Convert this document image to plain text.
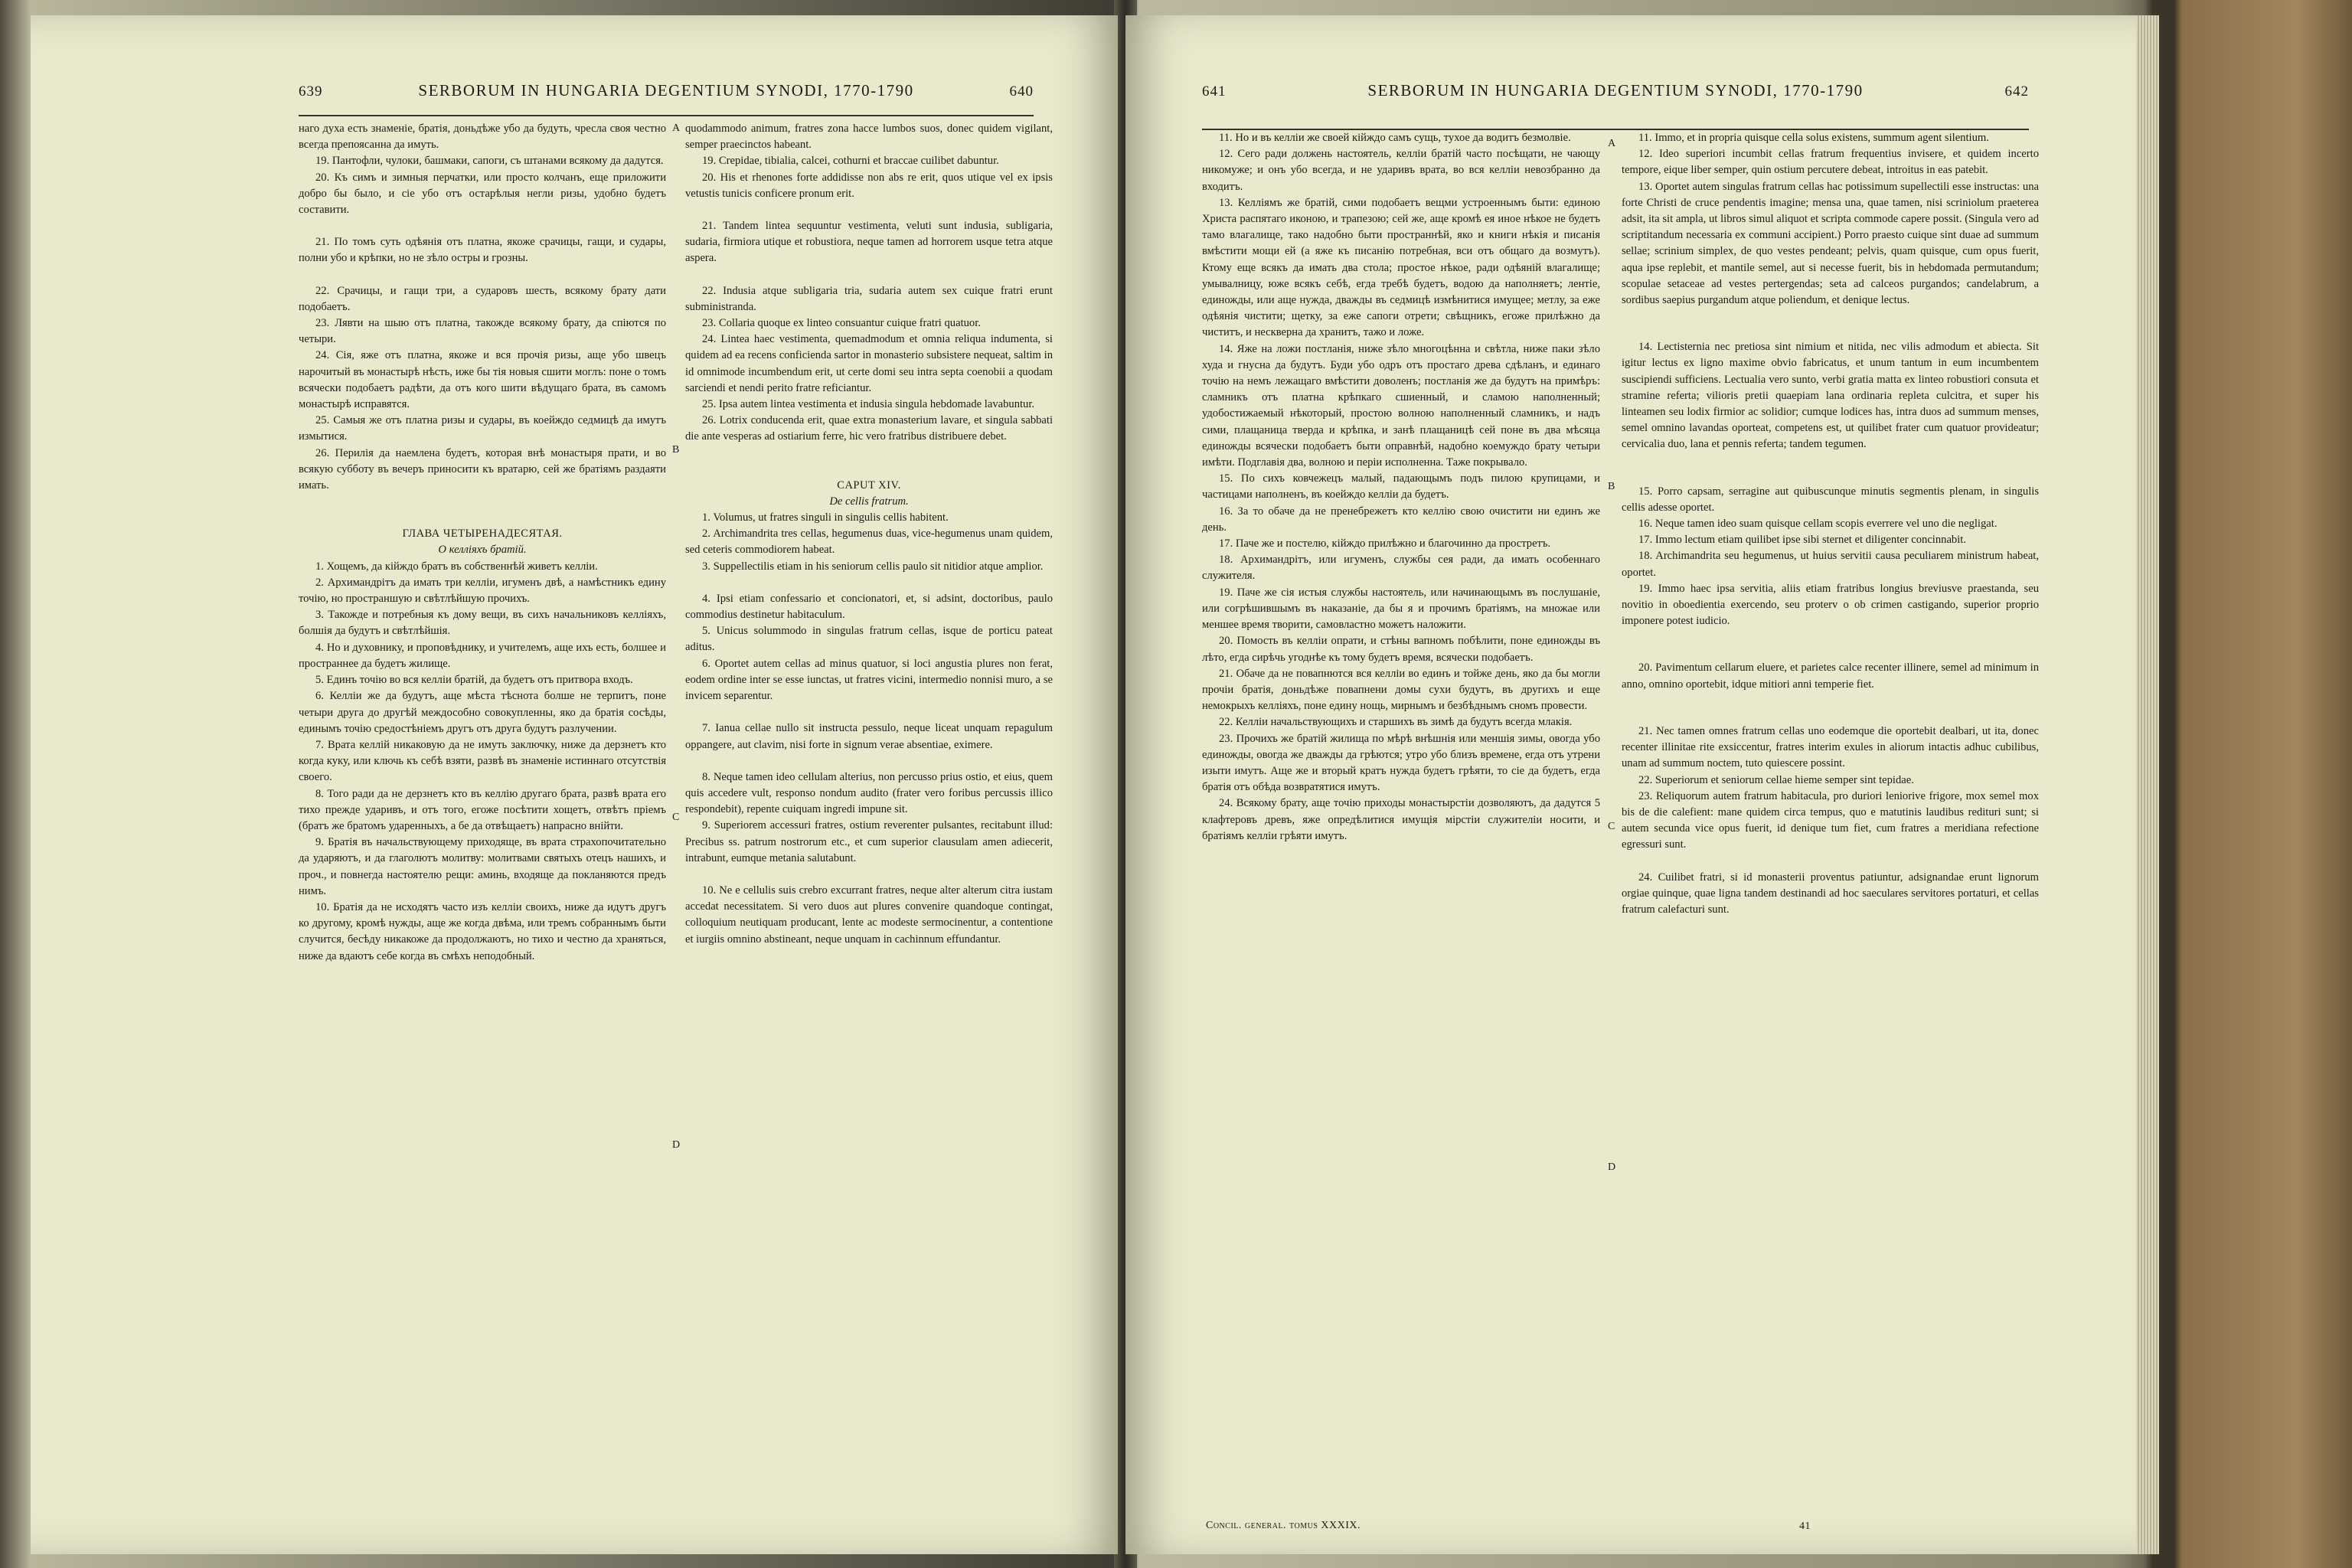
639	SERBORUM IN HUNGARIA DEGENTIUM SYNODI, 1770-1790	640

наго духа есть знаменіе, братія, доньдѣже убо да будуть, чресла своя честно всегда препоясанна да имуть.

19. Пантофли, чулоки, башмаки, сапоги, съ штанами всякому да дадутся.

20. Къ симъ и зимныя перчатки, или просто колчанъ, еще приложити добро бы было, и сіе убо отъ остарѣлыя негли ризы, удобно будетъ составити.

21. По томъ суть одѣянія отъ платна, якоже срачицы, гащи, и судары, полни убо и крѣпки, но не зѣло остры и грозны.

22. Срачицы, и гащи три, а сударовъ шесть, всякому брату дати подобаетъ.

23. Лявти на шыю отъ платна, такожде всякому брату, да спіются по четыри.

24. Сія, яже отъ платна, якоже и вся прочія ризы, аще убо швецъ нарочитый въ монастырѣ нѣсть, иже бы тія новыя сшити моглъ: поне о томъ всячески подобаетъ радѣти, да отъ кого шити вѣдущаго брата, въ самомъ монастырѣ исправятся.

25. Самыя же отъ платна ризы и судары, въ коейждо седмицѣ да имутъ измытися.

26. Перилія да наемлена будетъ, которая внѣ монастыря прати, и во всякую субботу въ вечеръ приносити къ вратарю, сей же братіямъ раздаяти имать.

ГЛАВА ЧЕТЫРЕНАДЕСЯТАЯ.

О келліяхъ братій.

1. Хощемъ, да кійждо братъ въ собственнѣй живетъ келліи.

2. Архимандрітъ да имать три келліи, игуменъ двѣ, а намѣстникъ едину точію, но пространшую и свѣтлѣйшую прочихъ.

3. Такожде и потребныя къ дому вещи, въ сихъ начальниковъ келліяхъ, болшія да будутъ и свѣтлѣйшія.

4. Но и духовнику, и проповѣднику, и учителемъ, аще ихъ есть, болшее и пространнее да будетъ жилище.

5. Единъ точію во вся келліи братій, да будетъ отъ притвора входъ.

6. Келліи же да будутъ, аще мѣста тѣснота болше не терпитъ, поне четыри друга до другѣй междособно совокупленны, яко да братія сосѣды, единымъ точію средостѣніемъ другъ отъ друга будутъ разлучении.

7. Врата келлій никаковую да не имуть заключку, ниже да дерзнетъ кто когда куку, или ключь къ себѣ взяти, развѣ въ знаменіе истиннаго отсутствія своего.

8. Того ради да не дерзнетъ кто въ келлію другаго брата, развѣ врата его тихо прежде ударивъ, и отъ того, егоже посѣтити хощетъ, отвѣтъ пріемъ (братъ же братомъ ударенныхъ, а бе да отвѣщаетъ) напрасно внійти.

9. Братія въ начальствующему приходяще, въ врата страхопочитательно да ударяютъ, и да глаголютъ молитву: молитвами святыхъ отецъ нашихъ, и проч., и повнегда настоятелю рещи: аминь, входяще да покланяются предъ нимъ.

10. Братія да не исходятъ часто изъ келліи своихъ, ниже да идутъ другъ ко другому, кромѣ нужды, аще же когда двѣма, или тремъ собраннымъ быти случится, бесѣду никакоже да продолжаютъ, но тихо и честно да храняться, ниже да вдаютъ себе когда въ смѣхъ неподобный.

A
B
C
D

quodammodo animum, fratres zona hacce lumbos suos, donec quidem vigilant, semper praecinctos habeant.

19. Crepidae, tibialia, calcei, cothurni et braccae cuilibet dabuntur.

20. His et rhenones forte addidisse non abs re erit, quos utique vel ex ipsis vetustis tunicis conficere pronum erit.

21. Tandem lintea sequuntur vestimenta, veluti sunt indusia, subligaria, sudaria, firmiora utique et robustiora, neque tamen ad horrorem usque tetra atque aspera.

22. Indusia atque subligaria tria, sudaria autem sex cuique fratri erunt subministranda.

23. Collaria quoque ex linteo consuantur cuique fratri quatuor.

24. Lintea haec vestimenta, quemadmodum et omnia reliqua indumenta, si quidem ad ea recens conficienda sartor in monasterio subsistere nequeat, saltim in id omnimode incumbendum erit, ut certe domi seu intra septa coenobii a quodam sarciendi et nendi perito fratre reficiantur.

25. Ipsa autem lintea vestimenta et indusia singula hebdomade lavabuntur.

26. Lotrix conducenda erit, quae extra monasterium lavare, et singula sabbati die ante vesperas ad ostiarium ferre, hic vero fratribus distribuere debet.

CAPUT XIV.

De cellis fratrum.

1. Volumus, ut fratres singuli in singulis cellis habitent.

2. Archimandrita tres cellas, hegumenus duas, vice-hegumenus unam quidem, sed ceteris commodiorem habeat.

3. Suppellectilis etiam in his seniorum cellis paulo sit nitidior atque amplior.

4. Ipsi etiam confessario et concionatori, et, si adsint, doctoribus, paulo commodius destinetur habitaculum.

5. Unicus solummodo in singulas fratrum cellas, isque de porticu pateat aditus.

6. Oportet autem cellas ad minus quatuor, si loci angustia plures non ferat, eodem ordine inter se esse iunctas, ut fratres vicini, intermedio nonnisi muro, a se invicem separentur.

7. Ianua cellae nullo sit instructa pessulo, neque liceat unquam repagulum oppangere, aut clavim, nisi forte in signum verae absentiae, eximere.

8. Neque tamen ideo cellulam alterius, non percusso prius ostio, et eius, quem quis accedere vult, responso nondum audito (frater vero foribus percussis illico respondebit), repente cuiquam ingredi impune sit.

9. Superiorem accessuri fratres, ostium reverenter pulsantes, recitabunt illud: Precibus ss. patrum nostrorum etc., et cum superior clausulam amen adiecerit, intrabunt, eumque metania salutabunt.

10. Ne e cellulis suis crebro excurrant fratres, neque alter alterum citra iustam accedat necessitatem. Si vero duos aut plures convenire quandoque contingat, colloquium neutiquam producant, lente ac modeste sermocinentur, a contentione et iurgiis omnino abstineant, neque unquam in cachinnum effundantur.

641	SERBORUM IN HUNGARIA DEGENTIUM SYNODI, 1770-1790	642

11. Но и въ келліи же своей кійждо самъ сущь, тухое да водитъ безмолвіе.

12. Сего ради должень настоятель, келліи братій часто посѣщати, не чающу никомуже; и онъ убо всегда, и не ударивъ врата, во вся келліи невозбранно да входитъ.

13. Келліямъ же братій, сими подобаетъ вещми устроеннымъ быти: единою Христа распятаго иконою, и трапезою; сей же, аще кромѣ ея иное нѣкое не будетъ тамо влагалище, тако надобно быти пространнѣй, яко и книги нѣкія и писанія вмѣстити мощи ей (а яже къ писанію потребная, вси отъ общаго да возмутъ). Ктому еще всякъ да имать два стола; простое нѣкое, ради одѣяній влагалище; умывалницу, юже всякъ себѣ, егда требѣ будетъ, водою да наполняетъ; лентіе, единожды, или аще нужда, дважды въ седмицѣ измѣнитися имущее; метлу, за еже одѣянія чистити; щетку, за еже сапоги отрети; свѣщникъ, егоже прилѣжно да чиститъ, и несквернa да хранитъ, тажо и ложе.

14. Яже на ложи постланія, ниже зѣло многоцѣнна и свѣтла, ниже паки зѣло худа и гнусна да будутъ. Буди убо одръ отъ простаго древа сдѣланъ, и единаго точію на немъ лежащаго вмѣстити доволенъ; постланія же да будутъ на примѣръ: сламникъ отъ платна крѣпкаго сшиенный, и сламою наполненный; удобостижаемый нѣкоторый, простою волною наполненный сламникъ, и надъ сими, плащаница тверда и крѣпка, и занѣ плащаницѣ сей поне въ два мѣсяца единожды всячески подобаетъ быти оправнѣй, надобно коемуждо брату четыри имѣти. Подглавія два, волною и періи исполненна. Таже покрывало.

15. По сихъ ковчежецъ малый, падающымъ подъ пилою крупицами, и частицами наполненъ, въ коейждо келліи да будетъ.

16. За то обаче да не пренебрежетъ кто келлію свою очистити ни единъ же день.

17. Паче же и постелю, кійждо прилѣжно и благочинно да простретъ.

18. Архимандрітъ, или игуменъ, службы сея ради, да имать особеннаго служителя.

19. Паче же сія истыя службы настоятель, или начинающымъ въ послушаніе, или согрѣшившымъ въ наказаніе, да бы я и прочимъ братіямъ, на множае или меншее время творити, самовластно можетъ наложити.

20. Помость въ келліи опрати, и стѣны вапномъ побѣлити, поне единожды въ лѣто, егда сирѣчь угоднѣе къ тому будетъ время, всячески подобаетъ.

21. Обаче да не повапнются вся келліи во единъ и тойже день, яко да бы могли прочіи братія, доньдѣже повапнени домы сухи будутъ, въ другихъ и еще немокрыхъ келліяхъ, поне едину нощь, мирнымъ и безбѣднымъ сномъ провести.

22. Келліи начальствующихъ и старшихъ въ зимѣ да будутъ всегда млакія.

23. Прочихъ же братій жилища по мѣрѣ внѣшнія или меншія зимы, овогда убо единожды, овогда же дважды да грѣются; утро убо близъ времене, егда отъ утрени изыти имутъ. Аще же и вторый кратъ нужда будетъ грѣяти, то сіе да будетъ, егда братія отъ обѣда возвратятися имутъ.

24. Всякому брату, аще точію приходы монастырстіи дозволяютъ, да дадутся 5 клафтеровъ древъ, яже опредѣлитися имущія мірстіи служителіи носити, и братіямъ келліи грѣяти имутъ.

A
B
C
D

11. Immo, et in propria quisque cella solus existens, summum agent silentium.

12. Ideo superiori incumbit cellas fratrum frequentius invisere, et quidem incerto tempore, eique liber semper, quin ostium percutere debeat, introitus in eas patebit.

13. Oportet autem singulas fratrum cellas hac potissimum supellectili esse instructas: una forte Christi de cruce pendentis imagine; mensa una, quae tamen, nisi scriniolum praeterea adsit, ita sit ampla, ut libros simul aliquot et scripta commode capere possit. (Singula vero ad scriptitandum necessaria ex communi accipient.) Porro praesto cuique sint duae ad summum sellae; scrinium simplex, de quo vestes pendeant; pelvis, quam quisque, cum opus fuerit, aqua ipse replebit, et mantile semel, aut si necesse fuerit, bis in hebdomada permutandum; scopulae setaceae ad vestes pertergendas; seta ad calceos purgandos; candelabrum, a sordibus saepius purgandum atque poliendum, et denique lectus.

14. Lectisternia nec pretiosa sint nimium et nitida, nec vilis admodum et abiecta. Sit igitur lectus ex ligno maxime obvio fabricatus, et unum tantum in eum incumbentem suscipiendi sufficiens. Lectualia vero sunto, verbi gratia matta ex linteo robustiori consuta et stramine referta; vilioris pretii quaepiam lana ordinaria repleta culcitra, et super his linteamen seu lodix firmior ac solidior; cumque lodices has, intra duos ad summum menses, semel omnino lavandas oporteat, competens est, ut quilibet frater cum quatuor provideatur; cervicalia duo, lana et pennis referta; tandem tegumen.

15. Porro capsam, serragine aut quibuscunque minutis segmentis plenam, in singulis cellis adesse oportet.

16. Neque tamen ideo suam quisque cellam scopis everrere vel uno die negligat.

17. Immo lectum etiam quilibet ipse sibi sternet et diligenter concinnabit.

18. Archimandrita seu hegumenus, ut huius servitii causa peculiarem ministrum habeat, oportet.

19. Immo haec ipsa servitia, aliis etiam fratribus longius breviusve praestanda, seu novitio in oboedientia exercendo, seu proterv o ob crimen castigando, superior proprio imponere potest iudicio.

20. Pavimentum cellarum eluere, et parietes calce recenter illinere, semel ad minimum in anno, omnino oportebit, idque mitiori anni temperie fiet.

21. Nec tamen omnes fratrum cellas uno eodemque die oportebit dealbari, ut ita, donec recenter illinitae rite exsiccentur, fratres interim exules in aliorum intactis adhuc cubilibus, unam ad summum noctem, tuto quiescere possint.

22. Superiorum et seniorum cellae hieme semper sint tepidae.

23. Reliquorum autem fratrum habitacula, pro duriori leniorive frigore, mox semel mox bis de die calefient: mane quidem circa tempus, quo e matutinis laudibus rediturі sunt; si autem secunda vice opus fuerit, id denique tum fiet, cum fratres a meridiana refectione egressuri sunt.

24. Cuilibet fratri, si id monasterii proventus patiuntur, adsignandae erunt lignorum orgiae quinque, quae ligna tandem destinandi ad hoc saeculares servitores portaturi, et cellas fratrum calefacturi sunt.

Concil. general. tomus XXXIX.	41
